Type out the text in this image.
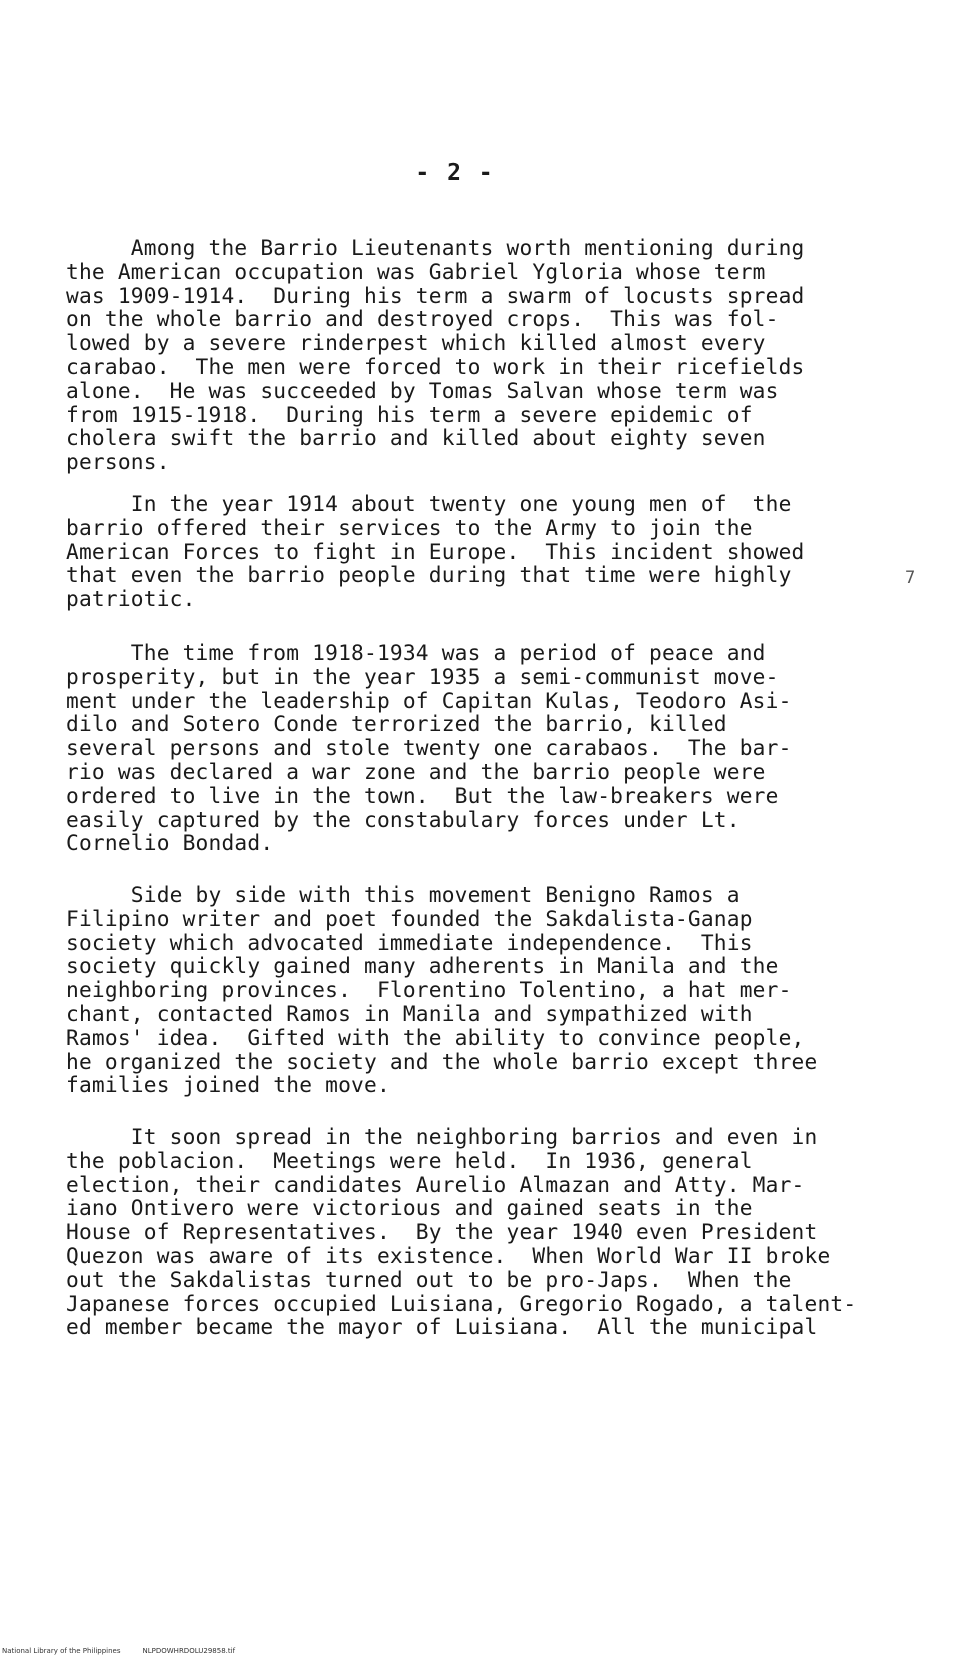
- 2 -

Among the Barrio Lieutenants worth mentioning during
the American occupation was Gabriel Ygloria whose term
was 1909-1914.  During his term a swarm of locusts spread
on the whole barrio and destroyed crops.  This was fol-
lowed by a severe rinderpest which killed almost every
carabao.  The men were forced to work in their ricefields
alone.  He was succeeded by Tomas Salvan whose term was
from 1915-1918.  During his term a severe epidemic of
cholera swift the barrio and killed about eighty seven
persons.

In the year 1914 about twenty one young men of  the
barrio offered their services to the Army to join the
American Forces to fight in Europe.  This incident showed
that even the barrio people during that time were highly
patriotic.

The time from 1918-1934 was a period of peace and
prosperity, but in the year 1935 a semi-communist move-
ment under the leadership of Capitan Kulas, Teodoro Asi-
dilo and Sotero Conde terrorized the barrio, killed
several persons and stole twenty one carabaos.  The bar-
rio was declared a war zone and the barrio people were
ordered to live in the town.  But the law-breakers were
easily captured by the constabulary forces under Lt.
Cornelio Bondad.

Side by side with this movement Benigno Ramos a
Filipino writer and poet founded the Sakdalista-Ganap
society which advocated immediate independence.  This
society quickly gained many adherents in Manila and the
neighboring provinces.  Florentino Tolentino, a hat mer-
chant, contacted Ramos in Manila and sympathized with
Ramos' idea.  Gifted with the ability to convince people,
he organized the society and the whole barrio except three
families joined the move.

It soon spread in the neighboring barrios and even in
the poblacion.  Meetings were held.  In 1936, general
election, their candidates Aurelio Almazan and Atty. Mar-
iano Ontivero were victorious and gained seats in the
House of Representatives.  By the year 1940 even President
Quezon was aware of its existence.  When World War II broke
out the Sakdalistas turned out to be pro-Japs.  When the
Japanese forces occupied Luisiana, Gregorio Rogado, a talent-
ed member became the mayor of Luisiana.  All the municipal

7
National Library of the Philippines	NLPDOWHRDOLU29858.tif
